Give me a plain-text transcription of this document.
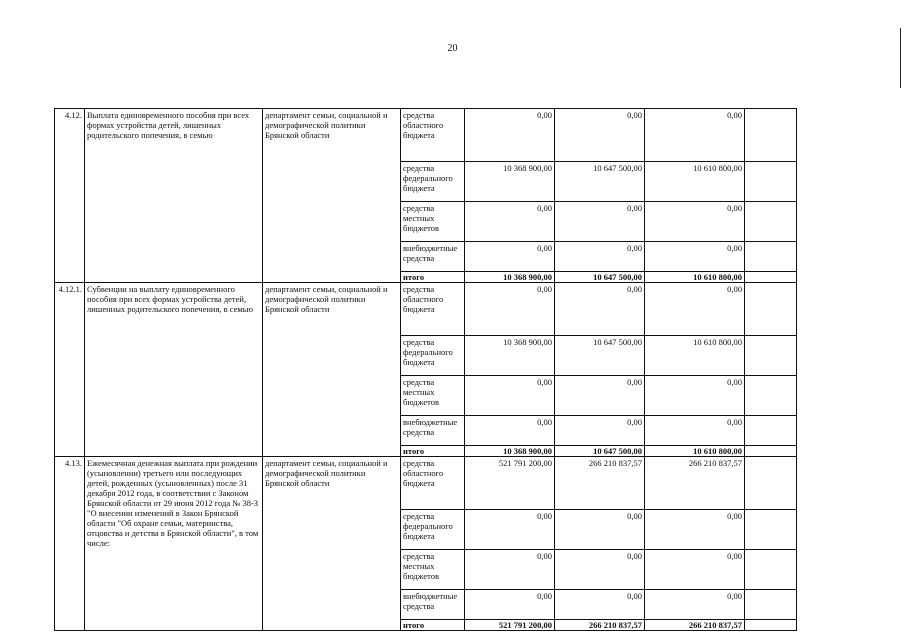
20
4.12.	Выплата единовременного пособия при всех формах устройства детей, лишенных родительского попечения, в семью	департамент семьи, социальной и демографической политики Брянской области	средства областного бюджета	0,00	0,00	0,00	
			средства федерального бюджета	10 368 900,00	10 647 500,00	10 610 800,00	
			средства местных бюджетов	0,00	0,00	0,00	
			внебюджетные средства	0,00	0,00	0,00	
			итого	10 368 900,00	10 647 500,00	10 610 800,00	
4.12.1.	Субвенции на выплату единовременного пособия при всех формах устройства детей, лишенных родительского попечения, в семью	департамент семьи, социальной и демографической политики Брянской области	средства областного бюджета	0,00	0,00	0,00	
			средства федерального бюджета	10 368 900,00	10 647 500,00	10 610 800,00	
			средства местных бюджетов	0,00	0,00	0,00	
			внебюджетные средства	0,00	0,00	0,00	
			итого	10 368 900,00	10 647 500,00	10 610 800,00	
4.13.	Ежемесячная денежная выплата при рождении (усыновлении) третьего или последующих детей, рожденных (усыновленных) после 31 декабря 2012 года, в соответствии с Законом Брянской области от 29 июня 2012 года № 38-З "О внесении изменений в Закон Брянской области "Об охране семьи, материнства, отцовства и детства в Брянской области", в том числе:	департамент семьи, социальной и демографической политики Брянской области	средства областного бюджета	521 791 200,00	266 210 837,57	266 210 837,57	
			средства федерального бюджета	0,00	0,00	0,00	
			средства местных бюджетов	0,00	0,00	0,00	
			внебюджетные средства	0,00	0,00	0,00	
			итого	521 791 200,00	266 210 837,57	266 210 837,57	
